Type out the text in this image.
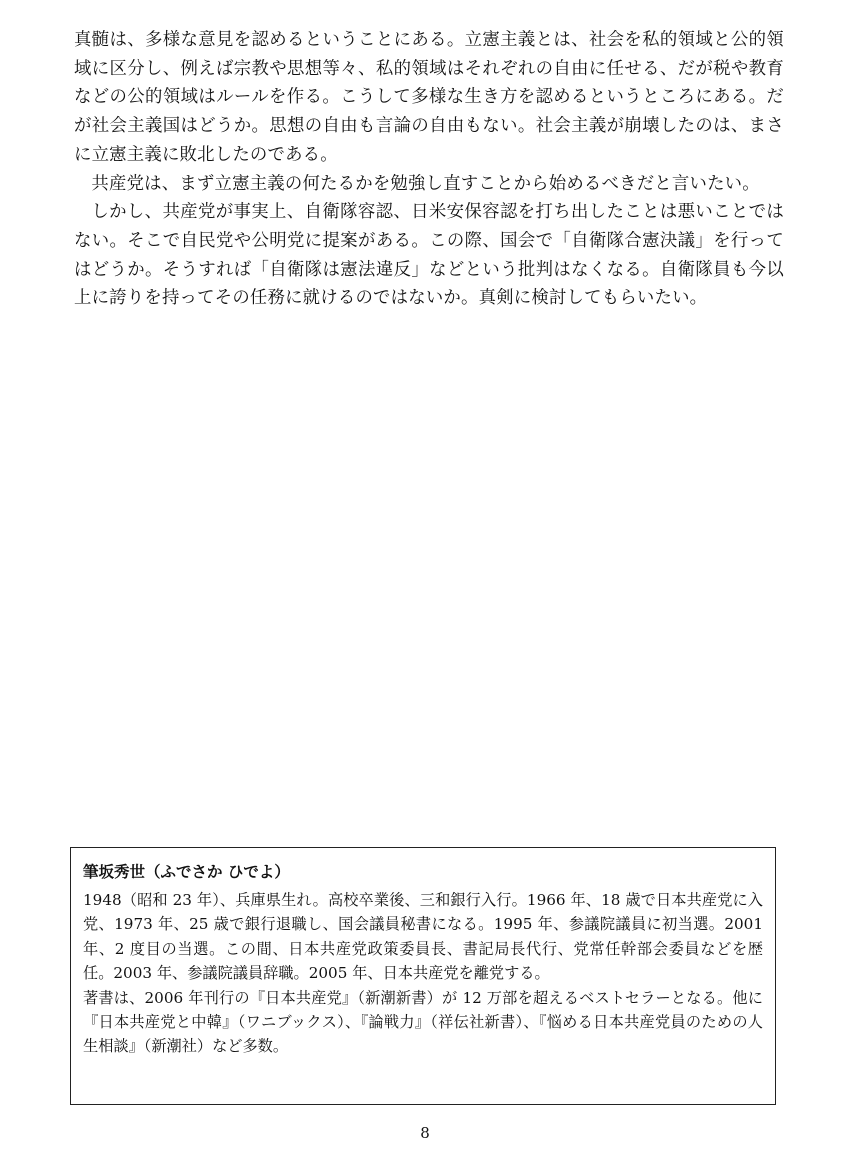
真髄は、多様な意見を認めるということにある。立憲主義とは、社会を私的領域と公的領域に区分し、例えば宗教や思想等々、私的領域はそれぞれの自由に任せる、だが税や教育などの公的領域はルールを作る。こうして多様な生き方を認めるというところにある。だが社会主義国はどうか。思想の自由も言論の自由もない。社会主義が崩壊したのは、まさに立憲主義に敗北したのである。

共産党は、まず立憲主義の何たるかを勉強し直すことから始めるべきだと言いたい。

しかし、共産党が事実上、自衛隊容認、日米安保容認を打ち出したことは悪いことではない。そこで自民党や公明党に提案がある。この際、国会で「自衛隊合憲決議」を行ってはどうか。そうすれば「自衛隊は憲法違反」などという批判はなくなる。自衛隊員も今以上に誇りを持ってその任務に就けるのではないか。真剣に検討してもらいたい。

筆坂秀世（ふでさか ひでよ）

1948（昭和 23 年）、兵庫県生れ。高校卒業後、三和銀行入行。1966 年、18 歳で日本共産党に入党、1973 年、25 歳で銀行退職し、国会議員秘書になる。1995 年、参議院議員に初当選。2001 年、2 度目の当選。この間、日本共産党政策委員長、書記局長代行、党常任幹部会委員などを歴任。2003 年、参議院議員辞職。2005 年、日本共産党を離党する。

著書は、2006 年刊行の『日本共産党』（新潮新書）が 12 万部を超えるベストセラーとなる。他に『日本共産党と中韓』（ワニブックス）、『論戦力』（祥伝社新書）、『悩める日本共産党員のための人生相談』（新潮社）など多数。

8
